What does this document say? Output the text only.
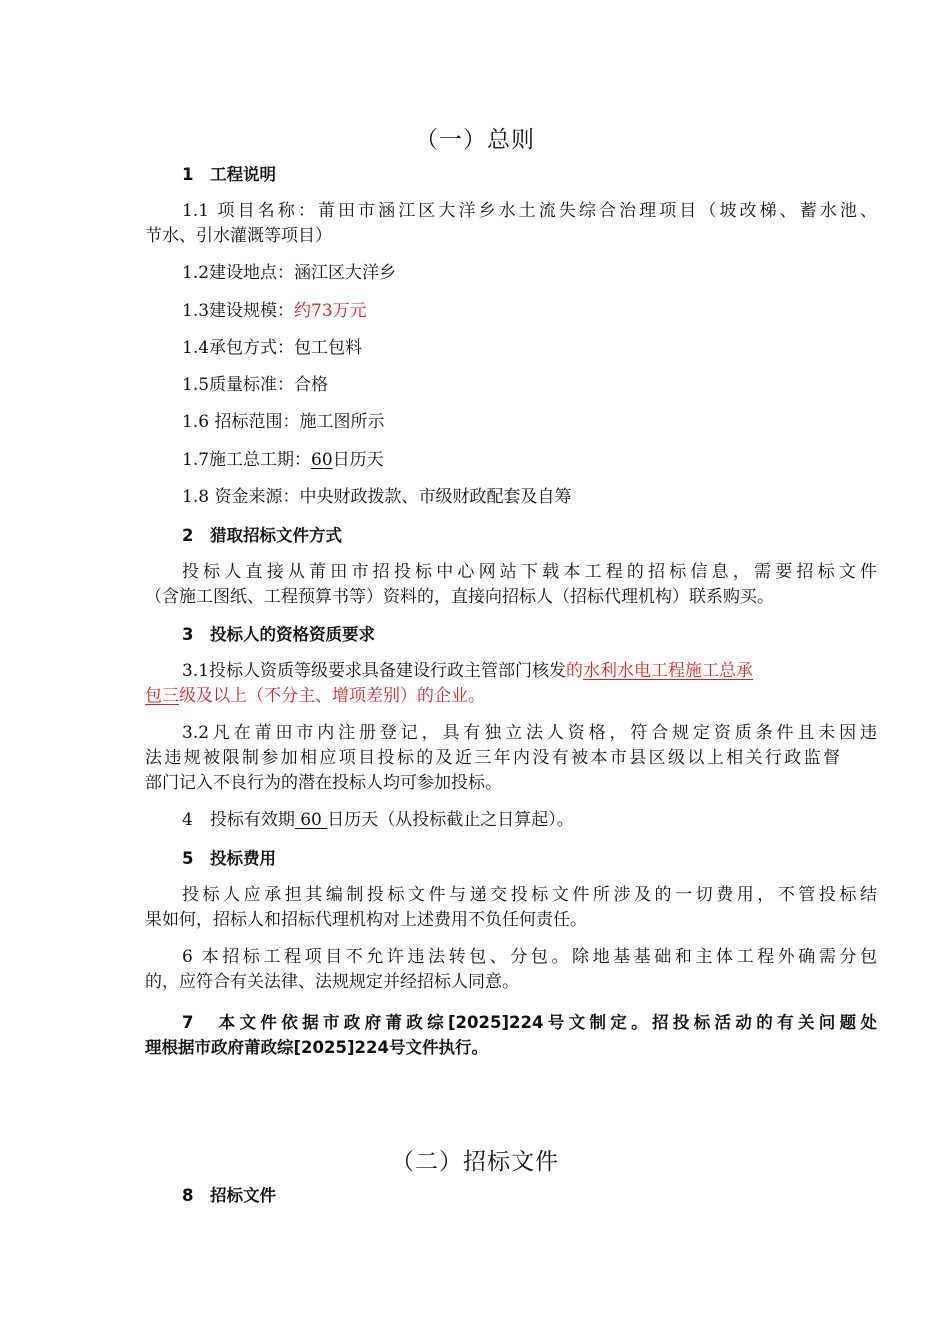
（一）总则
1　工程说明
1.1 项目名称：莆田市涵江区大洋乡水土流失综合治理项目（坡改梯、蓄水池、
节水、引水灌溉等项目）
1.2建设地点：涵江区大洋乡
1.3建设规模：约73万元
1.4承包方式：包工包料
1.5质量标准：合格
1.6 招标范围：施工图所示
1.7施工总工期：60日历天
1.8 资金来源：中央财政拨款、市级财政配套及自筹
2　猎取招标文件方式
投标人直接从莆田市招投标中心网站下载本工程的招标信息，需要招标文件
（含施工图纸、工程预算书等）资料的，直接向招标人（招标代理机构）联系购买。
3　投标人的资格资质要求
3.1投标人资质等级要求具备建设行政主管部门核发的水利水电工程施工总承
包三级及以上（不分主、增项差别）的企业。
3.2凡在莆田市内注册登记，具有独立法人资格，符合规定资质条件且未因违
法违规被限制参加相应项目投标的及近三年内没有被本市县区级以上相关行政监督
部门记入不良行为的潜在投标人均可参加投标。
4　投标有效期 60 日历天（从投标截止之日算起）。
5　投标费用
投标人应承担其编制投标文件与递交投标文件所涉及的一切费用，不管投标结
果如何，招标人和招标代理机构对上述费用不负任何责任。
6 本招标工程项目不允许违法转包、分包。除地基基础和主体工程外确需分包
的，应符合有关法律、法规规定并经招标人同意。
7　本文件依据市政府莆政综[2025]224号文制定。招投标活动的有关问题处
理根据市政府莆政综[2025]224号文件执行。
（二）招标文件
8　招标文件
